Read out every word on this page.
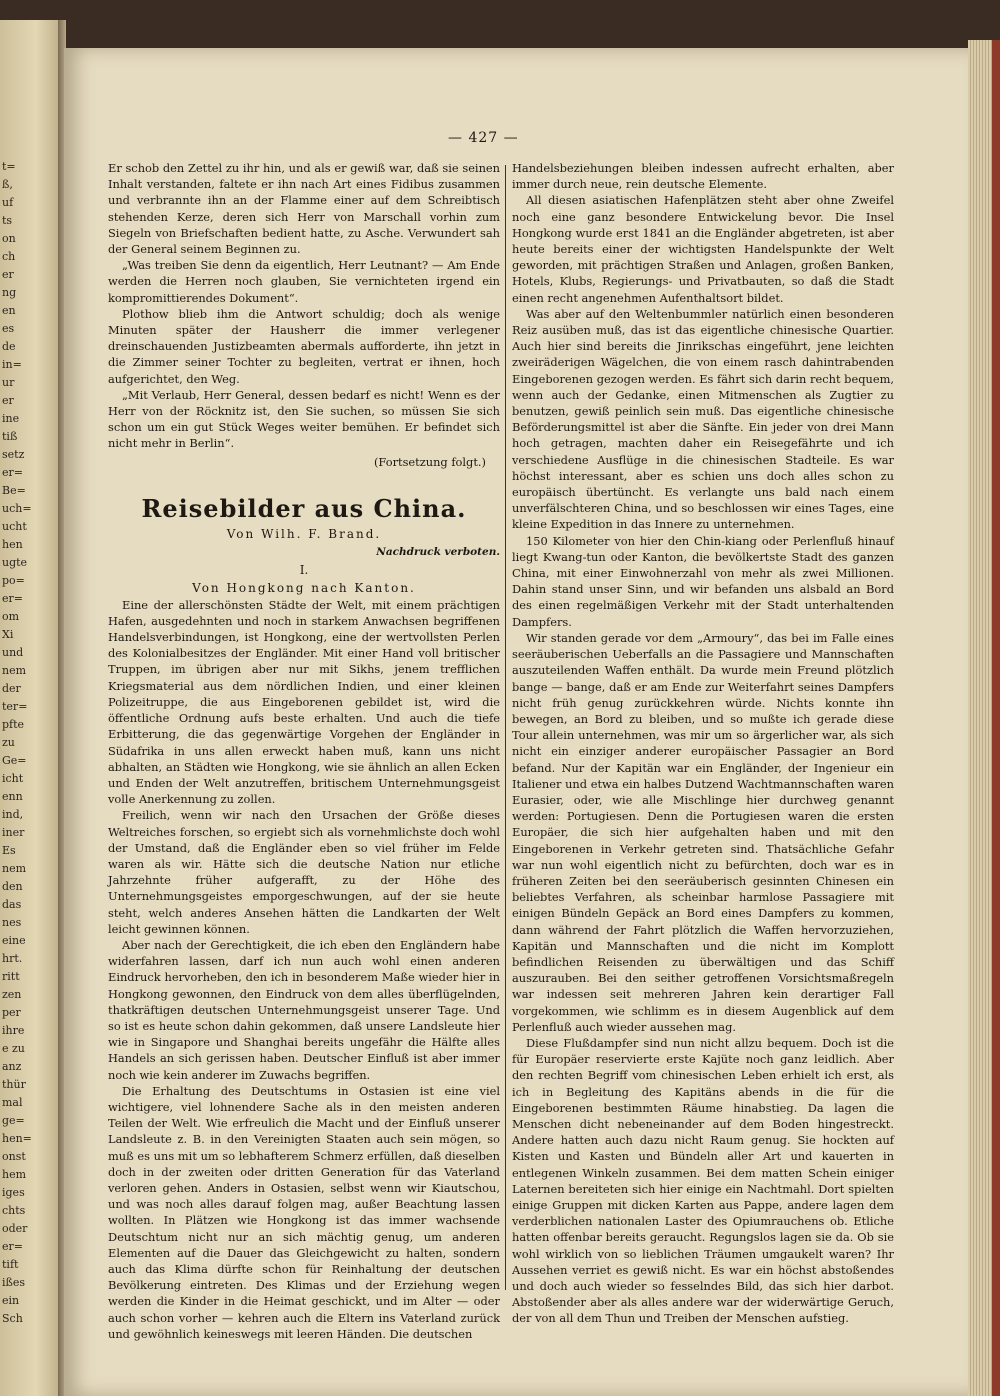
t=
ß,
uf
ts
on
ch
er
ng
en
es
de
in=
ur
er
ine
tiß
setz
er=
Be=
uch=
ucht
hen
ugte
po=
er=
om
Xi
und
nem
der
ter=
pfte
zu
Ge=
icht
enn
ind,
iner
Es
nem
den
das
nes
eine
hrt.
ritt
zen
per
ihre
e zu
anz
thür
mal
ge=
hen=
onst
hem
iges
chts
oder
er=
tift
ißes
ein
Sch
— 427 —

Er schob den Zettel zu ihr hin, und als er gewiß war, daß sie seinen Inhalt verstanden, faltete er ihn nach Art eines Fidibus zusammen und verbrannte ihn an der Flamme einer auf dem Schreibtisch stehenden Kerze, deren sich Herr von Marschall vorhin zum Siegeln von Briefschaften bedient hatte, zu Asche. Verwundert sah der General seinem Beginnen zu.

„Was treiben Sie denn da eigentlich, Herr Leutnant? — Am Ende werden die Herren noch glauben, Sie vernichteten irgend ein kompromittierendes Dokument“.

Plothow blieb ihm die Antwort schuldig; doch als wenige Minuten später der Hausherr die immer verlegener dreinschauenden Justizbeamten abermals aufforderte, ihn jetzt in die Zimmer seiner Tochter zu begleiten, vertrat er ihnen, hoch aufgerichtet, den Weg.

„Mit Verlaub, Herr General, dessen bedarf es nicht! Wenn es der Herr von der Röcknitz ist, den Sie suchen, so müssen Sie sich schon um ein gut Stück Weges weiter bemühen. Er befindet sich nicht mehr in Berlin“.

(Fortsetzung folgt.)

Reisebilder aus China.
Von Wilh. F. Brand.
Nachdruck verboten.
I.
Von Hongkong nach Kanton.

Eine der allerschönsten Städte der Welt, mit einem prächtigen Hafen, ausgedehnten und noch in starkem Anwachsen begriffenen Handelsverbindungen, ist Hongkong, eine der wertvollsten Perlen des Kolonialbesitzes der Engländer. Mit einer Hand voll britischer Truppen, im übrigen aber nur mit Sikhs, jenem trefflichen Kriegsmaterial aus dem nördlichen Indien, und einer kleinen Polizeitruppe, die aus Eingeborenen gebildet ist, wird die öffentliche Ordnung aufs beste erhalten. Und auch die tiefe Erbitterung, die das gegenwärtige Vorgehen der Engländer in Südafrika in uns allen erweckt haben muß, kann uns nicht abhalten, an Städten wie Hongkong, wie sie ähnlich an allen Ecken und Enden der Welt anzutreffen, britischem Unternehmungsgeist volle Anerkennung zu zollen.

Freilich, wenn wir nach den Ursachen der Größe dieses Weltreiches forschen, so ergiebt sich als vornehmlichste doch wohl der Umstand, daß die Engländer eben so viel früher im Felde waren als wir. Hätte sich die deutsche Nation nur etliche Jahrzehnte früher aufgerafft, zu der Höhe des Unternehmungsgeistes emporgeschwungen, auf der sie heute steht, welch anderes Ansehen hätten die Landkarten der Welt leicht gewinnen können.

Aber nach der Gerechtigkeit, die ich eben den Engländern habe widerfahren lassen, darf ich nun auch wohl einen anderen Eindruck hervorheben, den ich in besonderem Maße wieder hier in Hongkong gewonnen, den Eindruck von dem alles überflügelnden, thatkräftigen deutschen Unternehmungsgeist unserer Tage. Und so ist es heute schon dahin gekommen, daß unsere Landsleute hier wie in Singapore und Shanghai bereits ungefähr die Hälfte alles Handels an sich gerissen haben. Deutscher Einfluß ist aber immer noch wie kein anderer im Zuwachs begriffen.

Die Erhaltung des Deutschtums in Ostasien ist eine viel wichtigere, viel lohnendere Sache als in den meisten anderen Teilen der Welt. Wie erfreulich die Macht und der Einfluß unserer Landsleute z. B. in den Vereinigten Staaten auch sein mögen, so muß es uns mit um so lebhafterem Schmerz erfüllen, daß dieselben doch in der zweiten oder dritten Generation für das Vaterland verloren gehen. Anders in Ostasien, selbst wenn wir Kiautschou, und was noch alles darauf folgen mag, außer Beachtung lassen wollten. In Plätzen wie Hongkong ist das immer wachsende Deutschtum nicht nur an sich mächtig genug, um anderen Elementen auf die Dauer das Gleichgewicht zu halten, sondern auch das Klima dürfte schon für Reinhaltung der deutschen Bevölkerung eintreten. Des Klimas und der Erziehung wegen werden die Kinder in die Heimat geschickt, und im Alter — oder auch schon vorher — kehren auch die Eltern ins Vaterland zurück und gewöhnlich keineswegs mit leeren Händen. Die deutschen

Handelsbeziehungen bleiben indessen aufrecht erhalten, aber immer durch neue, rein deutsche Elemente.

All diesen asiatischen Hafenplätzen steht aber ohne Zweifel noch eine ganz besondere Entwickelung bevor. Die Insel Hongkong wurde erst 1841 an die Engländer abgetreten, ist aber heute bereits einer der wichtigsten Handelspunkte der Welt geworden, mit prächtigen Straßen und Anlagen, großen Banken, Hotels, Klubs, Regierungs- und Privatbauten, so daß die Stadt einen recht angenehmen Aufenthaltsort bildet.

Was aber auf den Weltenbummler natürlich einen besonderen Reiz ausüben muß, das ist das eigentliche chinesische Quartier. Auch hier sind bereits die Jinrikschas eingeführt, jene leichten zweiräderigen Wägelchen, die von einem rasch dahintrabenden Eingeborenen gezogen werden. Es fährt sich darin recht bequem, wenn auch der Gedanke, einen Mitmenschen als Zugtier zu benutzen, gewiß peinlich sein muß. Das eigentliche chinesische Beförderungsmittel ist aber die Sänfte. Ein jeder von drei Mann hoch getragen, machten daher ein Reisegefährte und ich verschiedene Ausflüge in die chinesischen Stadteile. Es war höchst interessant, aber es schien uns doch alles schon zu europäisch übertüncht. Es verlangte uns bald nach einem unverfälschteren China, und so beschlossen wir eines Tages, eine kleine Expedition in das Innere zu unternehmen.

150 Kilometer von hier den Chin-kiang oder Perlenfluß hinauf liegt Kwang-tun oder Kanton, die bevölkertste Stadt des ganzen China, mit einer Einwohnerzahl von mehr als zwei Millionen. Dahin stand unser Sinn, und wir befanden uns alsbald an Bord des einen regelmäßigen Verkehr mit der Stadt unterhaltenden Dampfers.

Wir standen gerade vor dem „Armoury“, das bei im Falle eines seeräuberischen Ueberfalls an die Passagiere und Mannschaften auszuteilenden Waffen enthält. Da wurde mein Freund plötzlich bange — bange, daß er am Ende zur Weiterfahrt seines Dampfers nicht früh genug zurückkehren würde. Nichts konnte ihn bewegen, an Bord zu bleiben, und so mußte ich gerade diese Tour allein unternehmen, was mir um so ärgerlicher war, als sich nicht ein einziger anderer europäischer Passagier an Bord befand. Nur der Kapitän war ein Engländer, der Ingenieur ein Italiener und etwa ein halbes Dutzend Wachtmannschaften waren Eurasier, oder, wie alle Mischlinge hier durchweg genannt werden: Portugiesen. Denn die Portugiesen waren die ersten Europäer, die sich hier aufgehalten haben und mit den Eingeborenen in Verkehr getreten sind. Thatsächliche Gefahr war nun wohl eigentlich nicht zu befürchten, doch war es in früheren Zeiten bei den seeräuberisch gesinnten Chinesen ein beliebtes Verfahren, als scheinbar harmlose Passagiere mit einigen Bündeln Gepäck an Bord eines Dampfers zu kommen, dann während der Fahrt plötzlich die Waffen hervorzuziehen, Kapitän und Mannschaften und die nicht im Komplott befindlichen Reisenden zu überwältigen und das Schiff auszurauben. Bei den seither getroffenen Vorsichtsmaßregeln war indessen seit mehreren Jahren kein derartiger Fall vorgekommen, wie schlimm es in diesem Augenblick auf dem Perlenfluß auch wieder aussehen mag.

Diese Flußdampfer sind nun nicht allzu bequem. Doch ist die für Europäer reservierte erste Kajüte noch ganz leidlich. Aber den rechten Begriff vom chinesischen Leben erhielt ich erst, als ich in Begleitung des Kapitäns abends in die für die Eingeborenen bestimmten Räume hinabstieg. Da lagen die Menschen dicht nebeneinander auf dem Boden hingestreckt. Andere hatten auch dazu nicht Raum genug. Sie hockten auf Kisten und Kasten und Bündeln aller Art und kauerten in entlegenen Winkeln zusammen. Bei dem matten Schein einiger Laternen bereiteten sich hier einige ein Nachtmahl. Dort spielten einige Gruppen mit dicken Karten aus Pappe, andere lagen dem verderblichen nationalen Laster des Opiumrauchens ob. Etliche hatten offenbar bereits geraucht. Regungslos lagen sie da. Ob sie wohl wirklich von so lieblichen Träumen umgaukelt waren? Ihr Aussehen verriet es gewiß nicht. Es war ein höchst abstoßendes und doch auch wieder so fesselndes Bild, das sich hier darbot. Abstoßender aber als alles andere war der widerwärtige Geruch, der von all dem Thun und Treiben der Menschen aufstieg.
